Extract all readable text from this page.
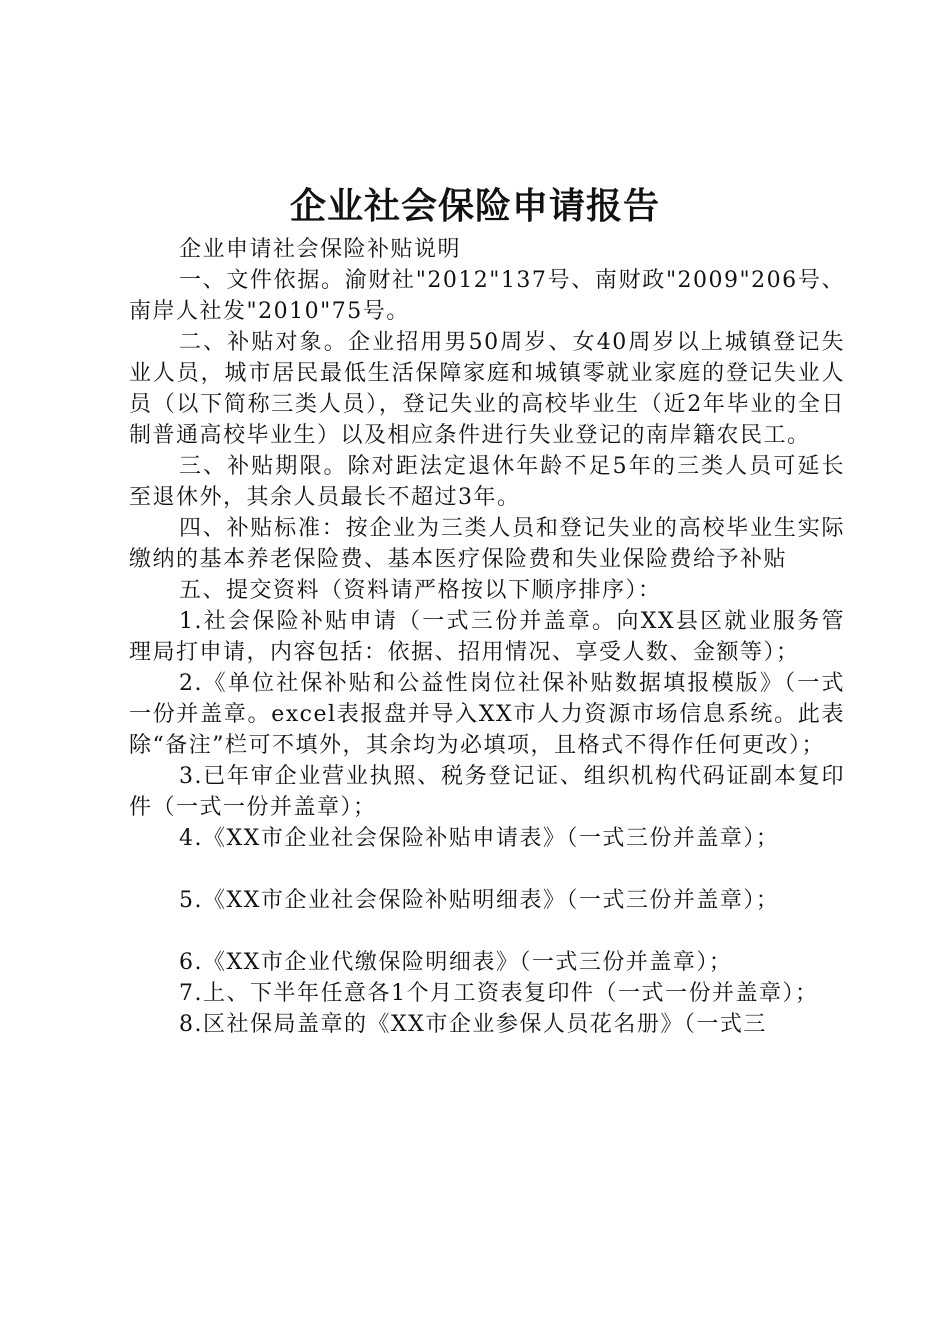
企业社会保险申请报告

企业申请社会保险补贴说明

一、文件依据。渝财社"2012"137号、南财政"2009"206号、南岸人社发"2010"75号。

二、补贴对象。企业招用男50周岁、女40周岁以上城镇登记失业人员，城市居民最低生活保障家庭和城镇零就业家庭的登记失业人员（以下简称三类人员），登记失业的高校毕业生（近2年毕业的全日制普通高校毕业生）以及相应条件进行失业登记的南岸籍农民工。

三、补贴期限。除对距法定退休年龄不足5年的三类人员可延长至退休外，其余人员最长不超过3年。

四、补贴标准：按企业为三类人员和登记失业的高校毕业生实际缴纳的基本养老保险费、基本医疗保险费和失业保险费给予补贴

五、提交资料（资料请严格按以下顺序排序）：

1.社会保险补贴申请（一式三份并盖章。向XX县区就业服务管理局打申请，内容包括：依据、招用情况、享受人数、金额等）；

2.《单位社保补贴和公益性岗位社保补贴数据填报模版》（一式一份并盖章。excel表报盘并导入XX市人力资源市场信息系统。此表除“备注”栏可不填外，其余均为必填项，且格式不得作任何更改）；

3.已年审企业营业执照、税务登记证、组织机构代码证副本复印件（一式一份并盖章）；

4.《XX市企业社会保险补贴申请表》（一式三份并盖章）；

5.《XX市企业社会保险补贴明细表》（一式三份并盖章）；

6.《XX市企业代缴保险明细表》（一式三份并盖章）；

7.上、下半年任意各1个月工资表复印件（一式一份并盖章）；

8.区社保局盖章的《XX市企业参保人员花名册》（一式三
